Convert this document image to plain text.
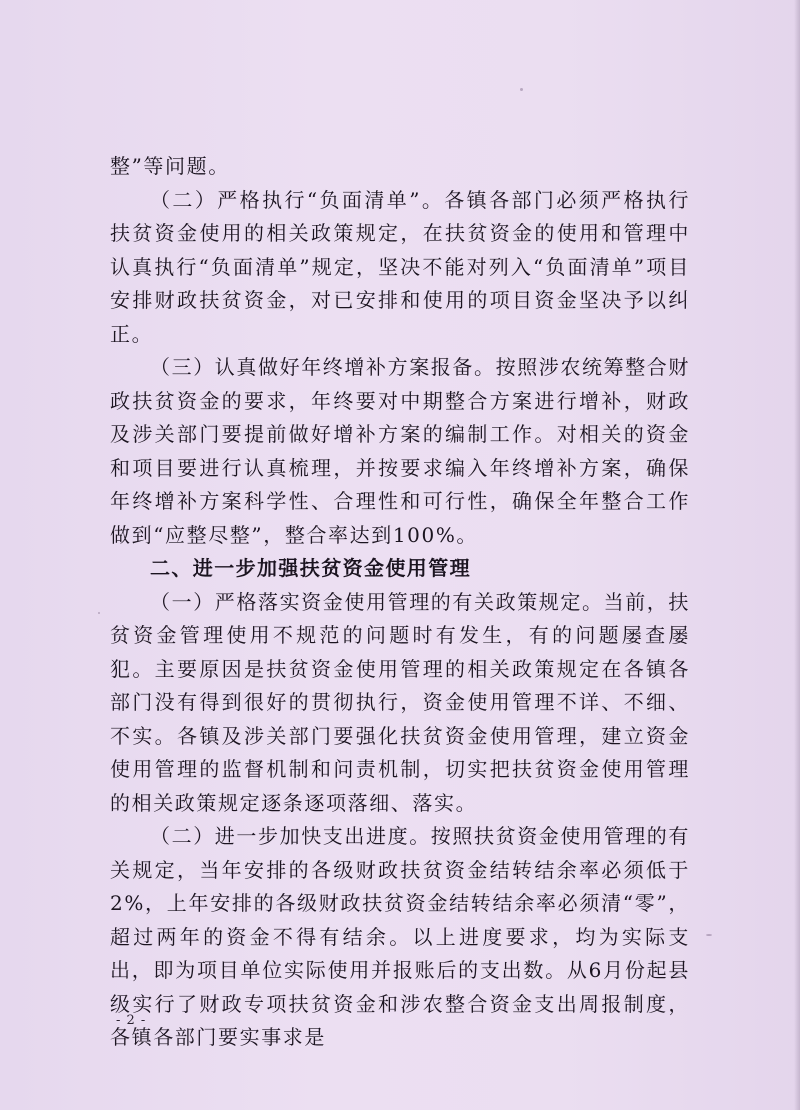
整”等问题。

（二）严格执行“负面清单”。各镇各部门必须严格执行扶贫资金使用的相关政策规定，在扶贫资金的使用和管理中认真执行“负面清单”规定，坚决不能对列入“负面清单”项目安排财政扶贫资金，对已安排和使用的项目资金坚决予以纠正。

（三）认真做好年终增补方案报备。按照涉农统筹整合财政扶贫资金的要求，年终要对中期整合方案进行增补，财政及涉关部门要提前做好增补方案的编制工作。对相关的资金和项目要进行认真梳理，并按要求编入年终增补方案，确保年终增补方案科学性、合理性和可行性，确保全年整合工作做到“应整尽整”，整合率达到100%。

二、进一步加强扶贫资金使用管理

（一）严格落实资金使用管理的有关政策规定。当前，扶贫资金管理使用不规范的问题时有发生，有的问题屡查屡犯。主要原因是扶贫资金使用管理的相关政策规定在各镇各部门没有得到很好的贯彻执行，资金使用管理不详、不细、不实。各镇及涉关部门要强化扶贫资金使用管理，建立资金使用管理的监督机制和问责机制，切实把扶贫资金使用管理的相关政策规定逐条逐项落细、落实。

（二）进一步加快支出进度。按照扶贫资金使用管理的有关规定，当年安排的各级财政扶贫资金结转结余率必须低于2%，上年安排的各级财政扶贫资金结转结余率必须清“零”，超过两年的资金不得有结余。以上进度要求，均为实际支出，即为项目单位实际使用并报账后的支出数。从6月份起县级实行了财政专项扶贫资金和涉农整合资金支出周报制度，各镇各部门要实事求是

- 2 -
